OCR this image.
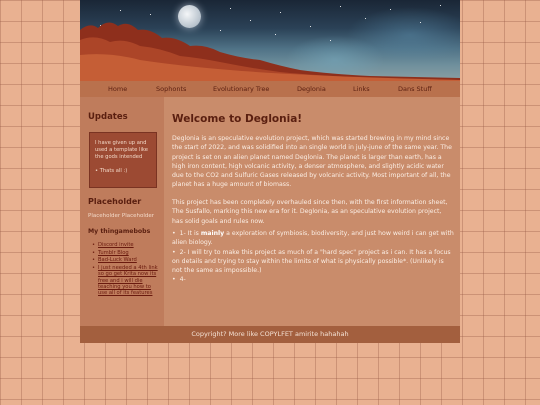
Home	Sophonts	Evolutionary Tree	Deglonia	Links	Dans Stuff
Updates
I have given up and used a template like the gods intended
• Thats all :)
Placeholder
Placeholder Placeholder
My thingamebobs
• Discord invite
• Tumblr Blog
• Bad-Luck Ward
• I just needed a 4th link so go get Krita now its free and i will die teaching you how to use all of its features
Welcome to Deglonia!

Deglonia is an speculative evolution project, which was started brewing in my mind since the start of 2022, and was solidified into an single world in july-june of the same year. The project is set on an alien planet named Deglonia. The planet is larger than earth, has a high iron content, high volcanic activity, a denser atmosphere, and slightly acidic water due to the CO2 and Sulfuric Gases released by volcanic activity. Most important of all, the planet has a huge amount of biomass.

This project has been completely overhauled since then, with the first information sheet, The Susfallo, marking this new era for it. Deglonia, as an speculative evolution project, has solid goals and rules now.

•  1- It is mainly a exploration of symbiosis, biodiversity, and just how weird i can get with alien biology.
•  2- I will try to make this project as much of a "hard spec" project as i can. It has a focus on details and trying to stay within the limits of what is physically possible*. (Unlikely is not the same as impossible.)
•  4-
Copyright? More like COPYLFET amirite hahahah
